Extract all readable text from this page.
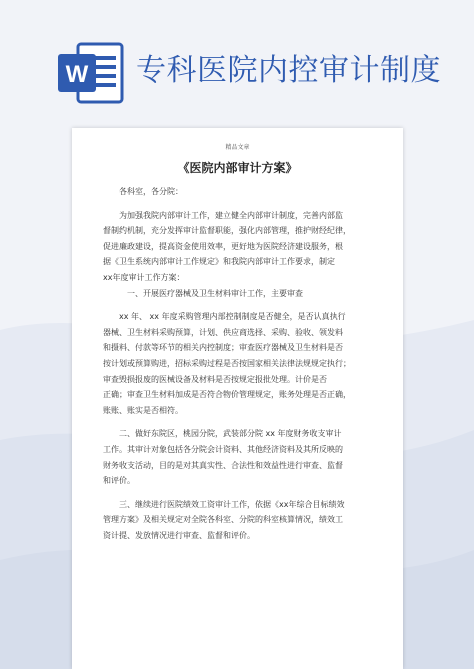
W 专科医院内控审计制度
精品文章
《医院内部审计方案》
各科室，各分院：
为加强我院内部审计工作，建立健全内部审计制度，完善内部监
督制约机制，充分发挥审计监督职能，强化内部管理，推护财经纪律，
促进廉政建设，提高资金使用效率，更好地为医院经济建设服务，根
据《卫生系统内部审计工作规定》和我院内部审计工作要求，制定
xx年度审计工作方案：
一、开展医疗器械及卫生材料审计工作，主要审查
xx 年、 xx 年度采购管理内部控制制度是否健全，是否认真执行
器械、卫生材料采购预算，计划、供应商选择、采购、验收、领发料
和摄料、付款等环节的相关内控制度；审查医疗器械及卫生材料是否
按计划或预算购进，招标采购过程是否按国家相关法律法规规定执行；
审查毁损报废的医械设备及材料是否按规定报批处理。计价是否
正确；审查卫生材料加成是否符合物价管理规定，账务处理是否正确，
账账、账实是否相符。
二、做好东院区，桃园分院，武装部分院 xx 年度财务收支审计
工作。其审计对象包括各分院会计资料、其他经济资料及其所反映的
财务收支活动，目的是对其真实性、合法性和效益性进行审查、监督
和评价。
三、继续进行医院绩效工资审计工作，依据《xx年综合目标绩效
管理方案》及相关规定对全院各科室、分院的科室核算情况，绩效工
资计提、发放情况进行审查、监督和评价。
